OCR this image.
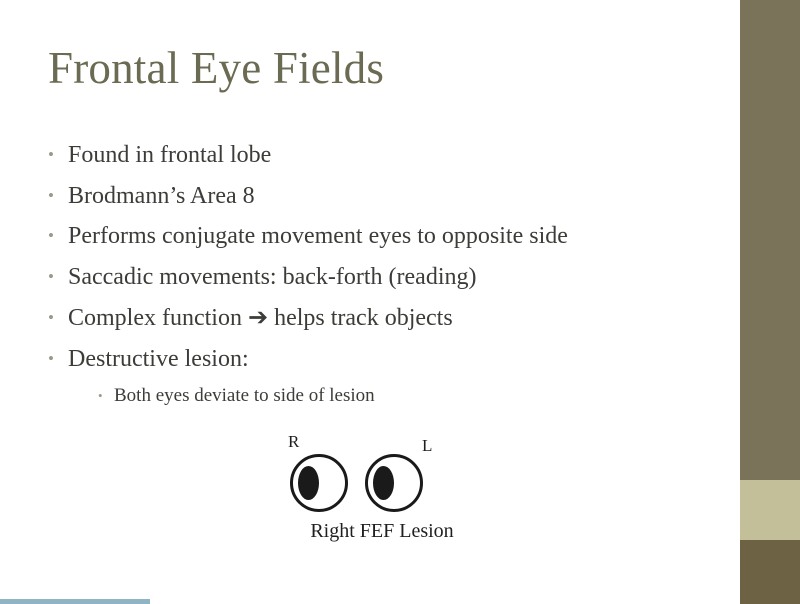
Frontal Eye Fields
• Found in frontal lobe
• Brodmann’s Area 8
• Performs conjugate movement eyes to opposite side
• Saccadic movements: back-forth (reading)
• Complex function ➔ helps track objects
• Destructive lesion:
• Both eyes deviate to side of lesion
R	L
Right FEF Lesion
